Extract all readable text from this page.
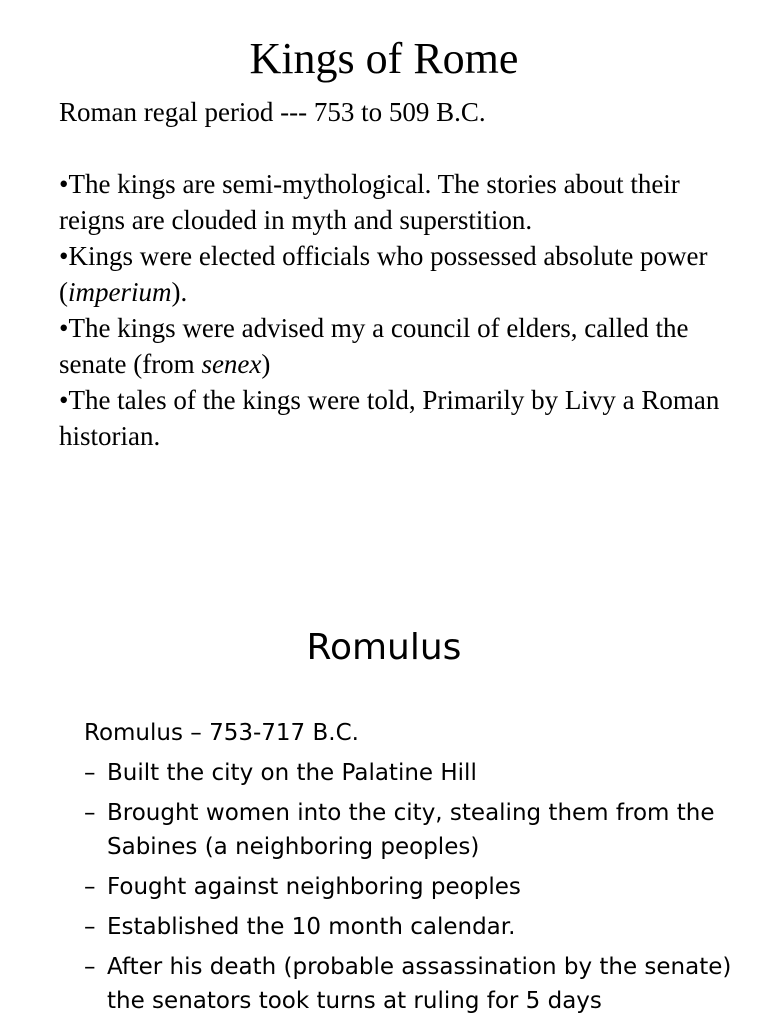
Kings of Rome

Roman regal period --- 753 to 509 B.C.

•The kings are semi-mythological. The stories about their reigns are clouded in myth and superstition.

•Kings were elected officials who possessed absolute power (imperium).

•The kings were advised my a council of elders, called the senate (from senex)

•The tales of the kings were told, Primarily by Livy a Roman historian.

Romulus

Romulus – 753-717 B.C.

– Built the city on the Palatine Hill
– Brought women into the city, stealing them from the Sabines (a neighboring peoples)
– Fought against neighboring peoples
– Established the 10 month calendar.
– After his death (probable assassination by the senate) the senators took turns at ruling for 5 days
